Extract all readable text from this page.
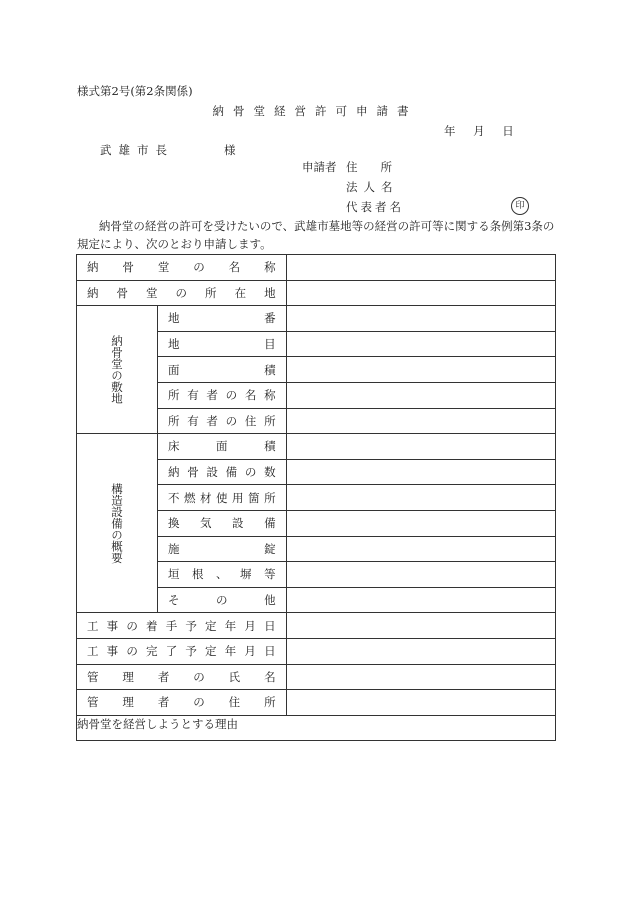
様式第2号(第2条関係)
納骨堂経営許可申請書
年 月 日
武雄市長	様
申請者 住　　所
法人名
代表者名	印
納骨堂の経営の許可を受けたいので、武雄市墓地等の経営の許可等に関する条例第3条の規定により、次のとおり申請します。
納骨堂の名称		
納骨堂の所在地		

納骨堂の敷地	地番	
	地目	
	面積	
	所有者の名称	
	所有者の住所	

構造設備の概要	床面積	
	納骨設備の数	
	不燃材使用箇所	
	換気設備	
	施錠	
	垣根、塀等	
	その他	
工事の着手予定年月日		
工事の完了予定年月日		
管理者の氏名		
管理者の住所		
納骨堂を経営しようとする理由		
